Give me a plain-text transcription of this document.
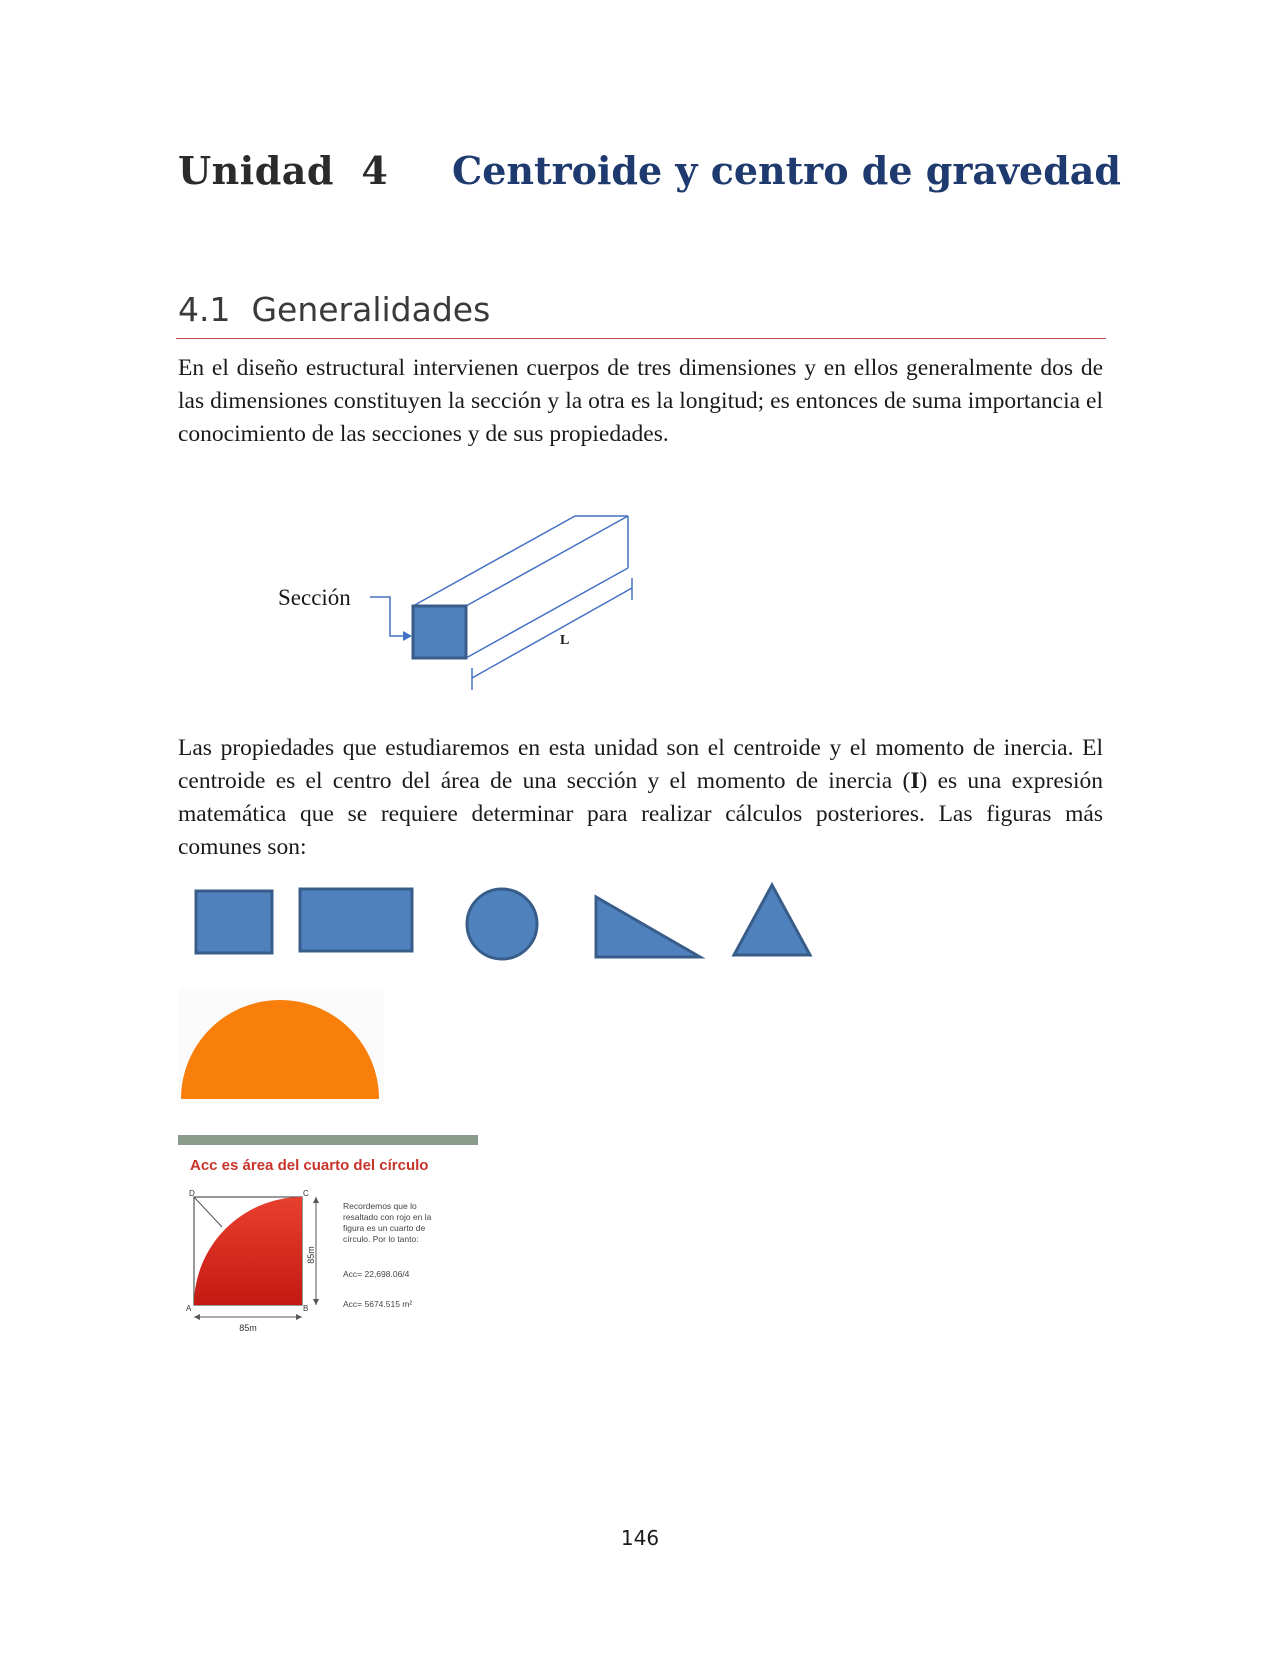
Unidad  4 Centroide y centro de gravedad
4.1  Generalidades

En el diseño estructural intervienen cuerpos de tres dimensiones y en ellos generalmente dos de las dimensiones constituyen la sección y la otra es la longitud; es entonces de suma importancia el conocimiento de las secciones y de sus propiedades.

Sección
L

Las propiedades que estudiaremos en esta unidad son el centroide y el momento de inercia. El centroide es el centro del área de una sección y el momento de inercia (I) es una expresión matemática que se requiere determinar para realizar cálculos posteriores. Las figuras más comunes son:

Acc es área del cuarto del círculo
D	C
A	B
85m
85m
Recordemos que lo
resaltado con rojo en la
figura es un cuarto de
círculo. Por lo tanto:
Acc= 22,698.06/4
Acc= 5674.515 m²
146
